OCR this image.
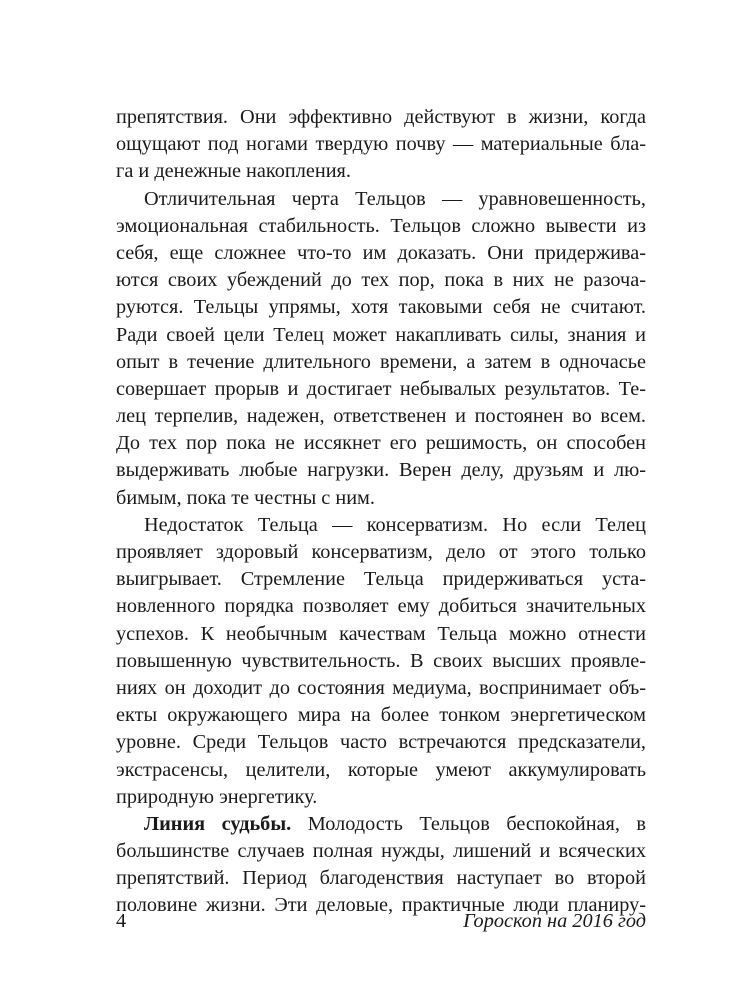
препятствия. Они эффективно действуют в жизни, когда
ощущают под ногами твердую почву — материальные бла-
га и денежные накопления.
Отличительная черта Тельцов — уравновешенность,
эмоциональная стабильность. Тельцов сложно вывести из
себя, еще сложнее что-то им доказать. Они придержива-
ются своих убеждений до тех пор, пока в них не разоча-
руются. Тельцы упрямы, хотя таковыми себя не считают.
Ради своей цели Телец может накапливать силы, знания и
опыт в течение длительного времени, а затем в одночасье
совершает прорыв и достигает небывалых результатов. Те-
лец терпелив, надежен, ответственен и постоянен во всем.
До тех пор пока не иссякнет его решимость, он способен
выдерживать любые нагрузки. Верен делу, друзьям и лю-
бимым, пока те честны с ним.
Недостаток Тельца — консерватизм. Но если Телец
проявляет здоровый консерватизм, дело от этого только
выигрывает. Стремление Тельца придерживаться уста-
новленного порядка позволяет ему добиться значительных
успехов. К необычным качествам Тельца можно отнести
повышенную чувствительность. В своих высших проявле-
ниях он доходит до состояния медиума, воспринимает объ-
екты окружающего мира на более тонком энергетическом
уровне. Среди Тельцов часто встречаются предсказатели,
экстрасенсы, целители, которые умеют аккумулировать
природную энергетику.
Линия судьбы. Молодость Тельцов беспокойная, в
большинстве случаев полная нужды, лишений и всяческих
препятствий. Период благоденствия наступает во второй
половине жизни. Эти деловые, практичные люди планиру-
4	Гороскоп на 2016 год
